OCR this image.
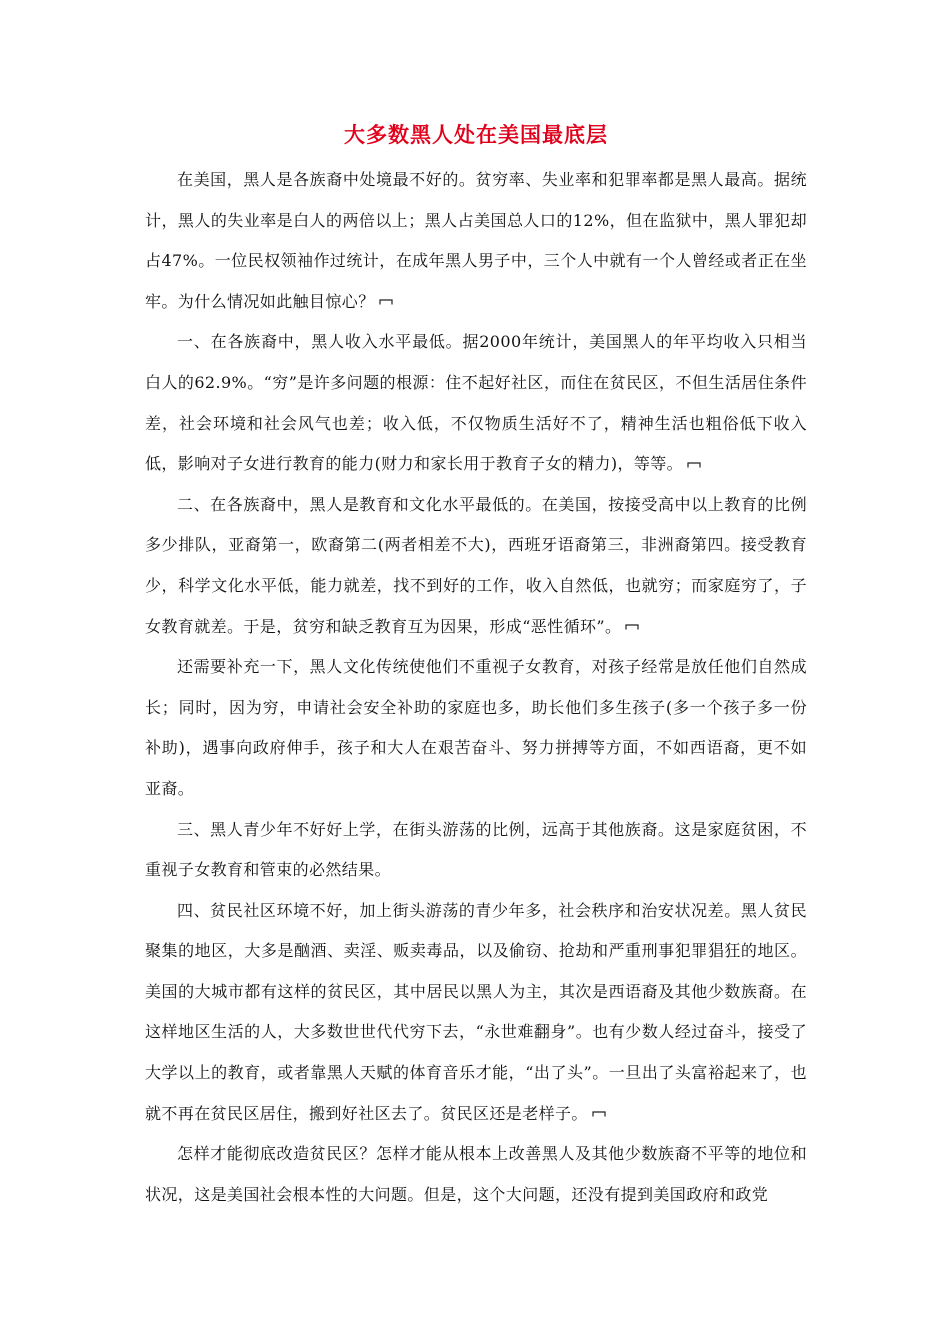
大多数黑人处在美国最底层

在美国，黑人是各族裔中处境最不好的。贫穷率、失业率和犯罪率都是黑人最高。据统计，黑人的失业率是白人的两倍以上；黑人占美国总人口的12%，但在监狱中，黑人罪犯却占47%。一位民权领袖作过统计，在成年黑人男子中，三个人中就有一个人曾经或者正在坐牢。为什么情况如此触目惊心？

一、在各族裔中，黑人收入水平最低。据2000年统计，美国黑人的年平均收入只相当白人的62.9%。“穷”是许多问题的根源：住不起好社区，而住在贫民区，不但生活居住条件差，社会环境和社会风气也差；收入低，不仅物质生活好不了，精神生活也粗俗低下收入低，影响对子女进行教育的能力(财力和家长用于教育子女的精力)，等等。

二、在各族裔中，黑人是教育和文化水平最低的。在美国，按接受高中以上教育的比例多少排队，亚裔第一，欧裔第二(两者相差不大)，西班牙语裔第三，非洲裔第四。接受教育少，科学文化水平低，能力就差，找不到好的工作，收入自然低，也就穷；而家庭穷了，子女教育就差。于是，贫穷和缺乏教育互为因果，形成“恶性循环”。

还需要补充一下，黑人文化传统使他们不重视子女教育，对孩子经常是放任他们自然成长；同时，因为穷，申请社会安全补助的家庭也多，助长他们多生孩子(多一个孩子多一份补助)，遇事向政府伸手，孩子和大人在艰苦奋斗、努力拼搏等方面，不如西语裔，更不如亚裔。

三、黑人青少年不好好上学，在街头游荡的比例，远高于其他族裔。这是家庭贫困，不重视子女教育和管束的必然结果。

四、贫民社区环境不好，加上街头游荡的青少年多，社会秩序和治安状况差。黑人贫民聚集的地区，大多是酗酒、卖淫、贩卖毒品，以及偷窃、抢劫和严重刑事犯罪猖狂的地区。美国的大城市都有这样的贫民区，其中居民以黑人为主，其次是西语裔及其他少数族裔。在这样地区生活的人，大多数世世代代穷下去，“永世难翻身”。也有少数人经过奋斗，接受了大学以上的教育，或者靠黑人天赋的体育音乐才能，“出了头”。一旦出了头富裕起来了，也就不再在贫民区居住，搬到好社区去了。贫民区还是老样子。

怎样才能彻底改造贫民区？怎样才能从根本上改善黑人及其他少数族裔不平等的地位和状况，这是美国社会根本性的大问题。但是，这个大问题，还没有提到美国政府和政党
